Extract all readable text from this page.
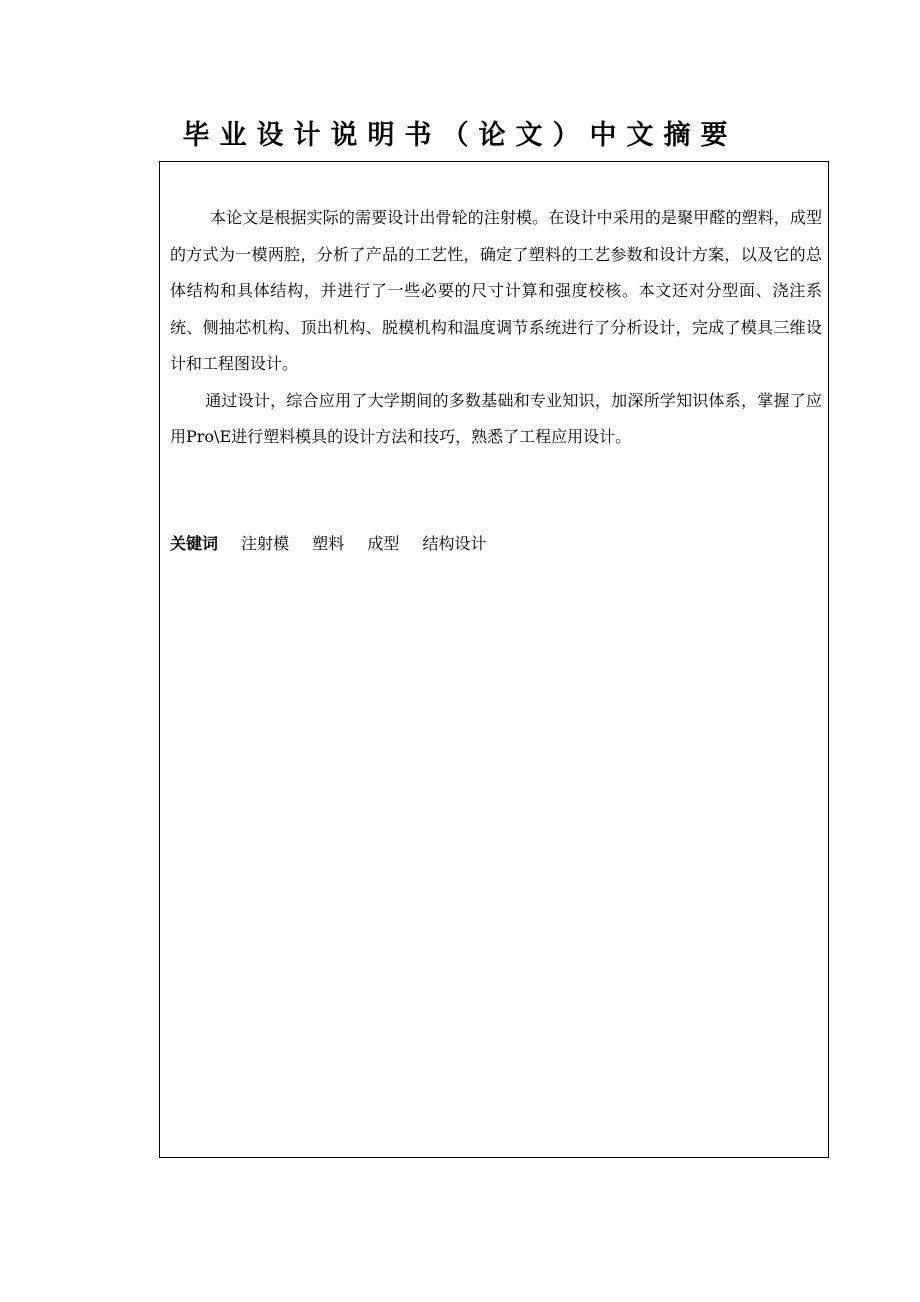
毕业设计说明书（论文）中文摘要

本论文是根据实际的需要设计出骨轮的注射模。在设计中采用的是聚甲醛的塑料，成型的方式为一模两腔，分析了产品的工艺性，确定了塑料的工艺参数和设计方案，以及它的总体结构和具体结构，并进行了一些必要的尺寸计算和强度校核。本文还对分型面、浇注系统、侧抽芯机构、顶出机构、脱模机构和温度调节系统进行了分析设计，完成了模具三维设计和工程图设计。

通过设计，综合应用了大学期间的多数基础和专业知识，加深所学知识体系，掌握了应用Pro\E进行塑料模具的设计方法和技巧，熟悉了工程应用设计。

关键词 注射模 塑料 成型 结构设计
